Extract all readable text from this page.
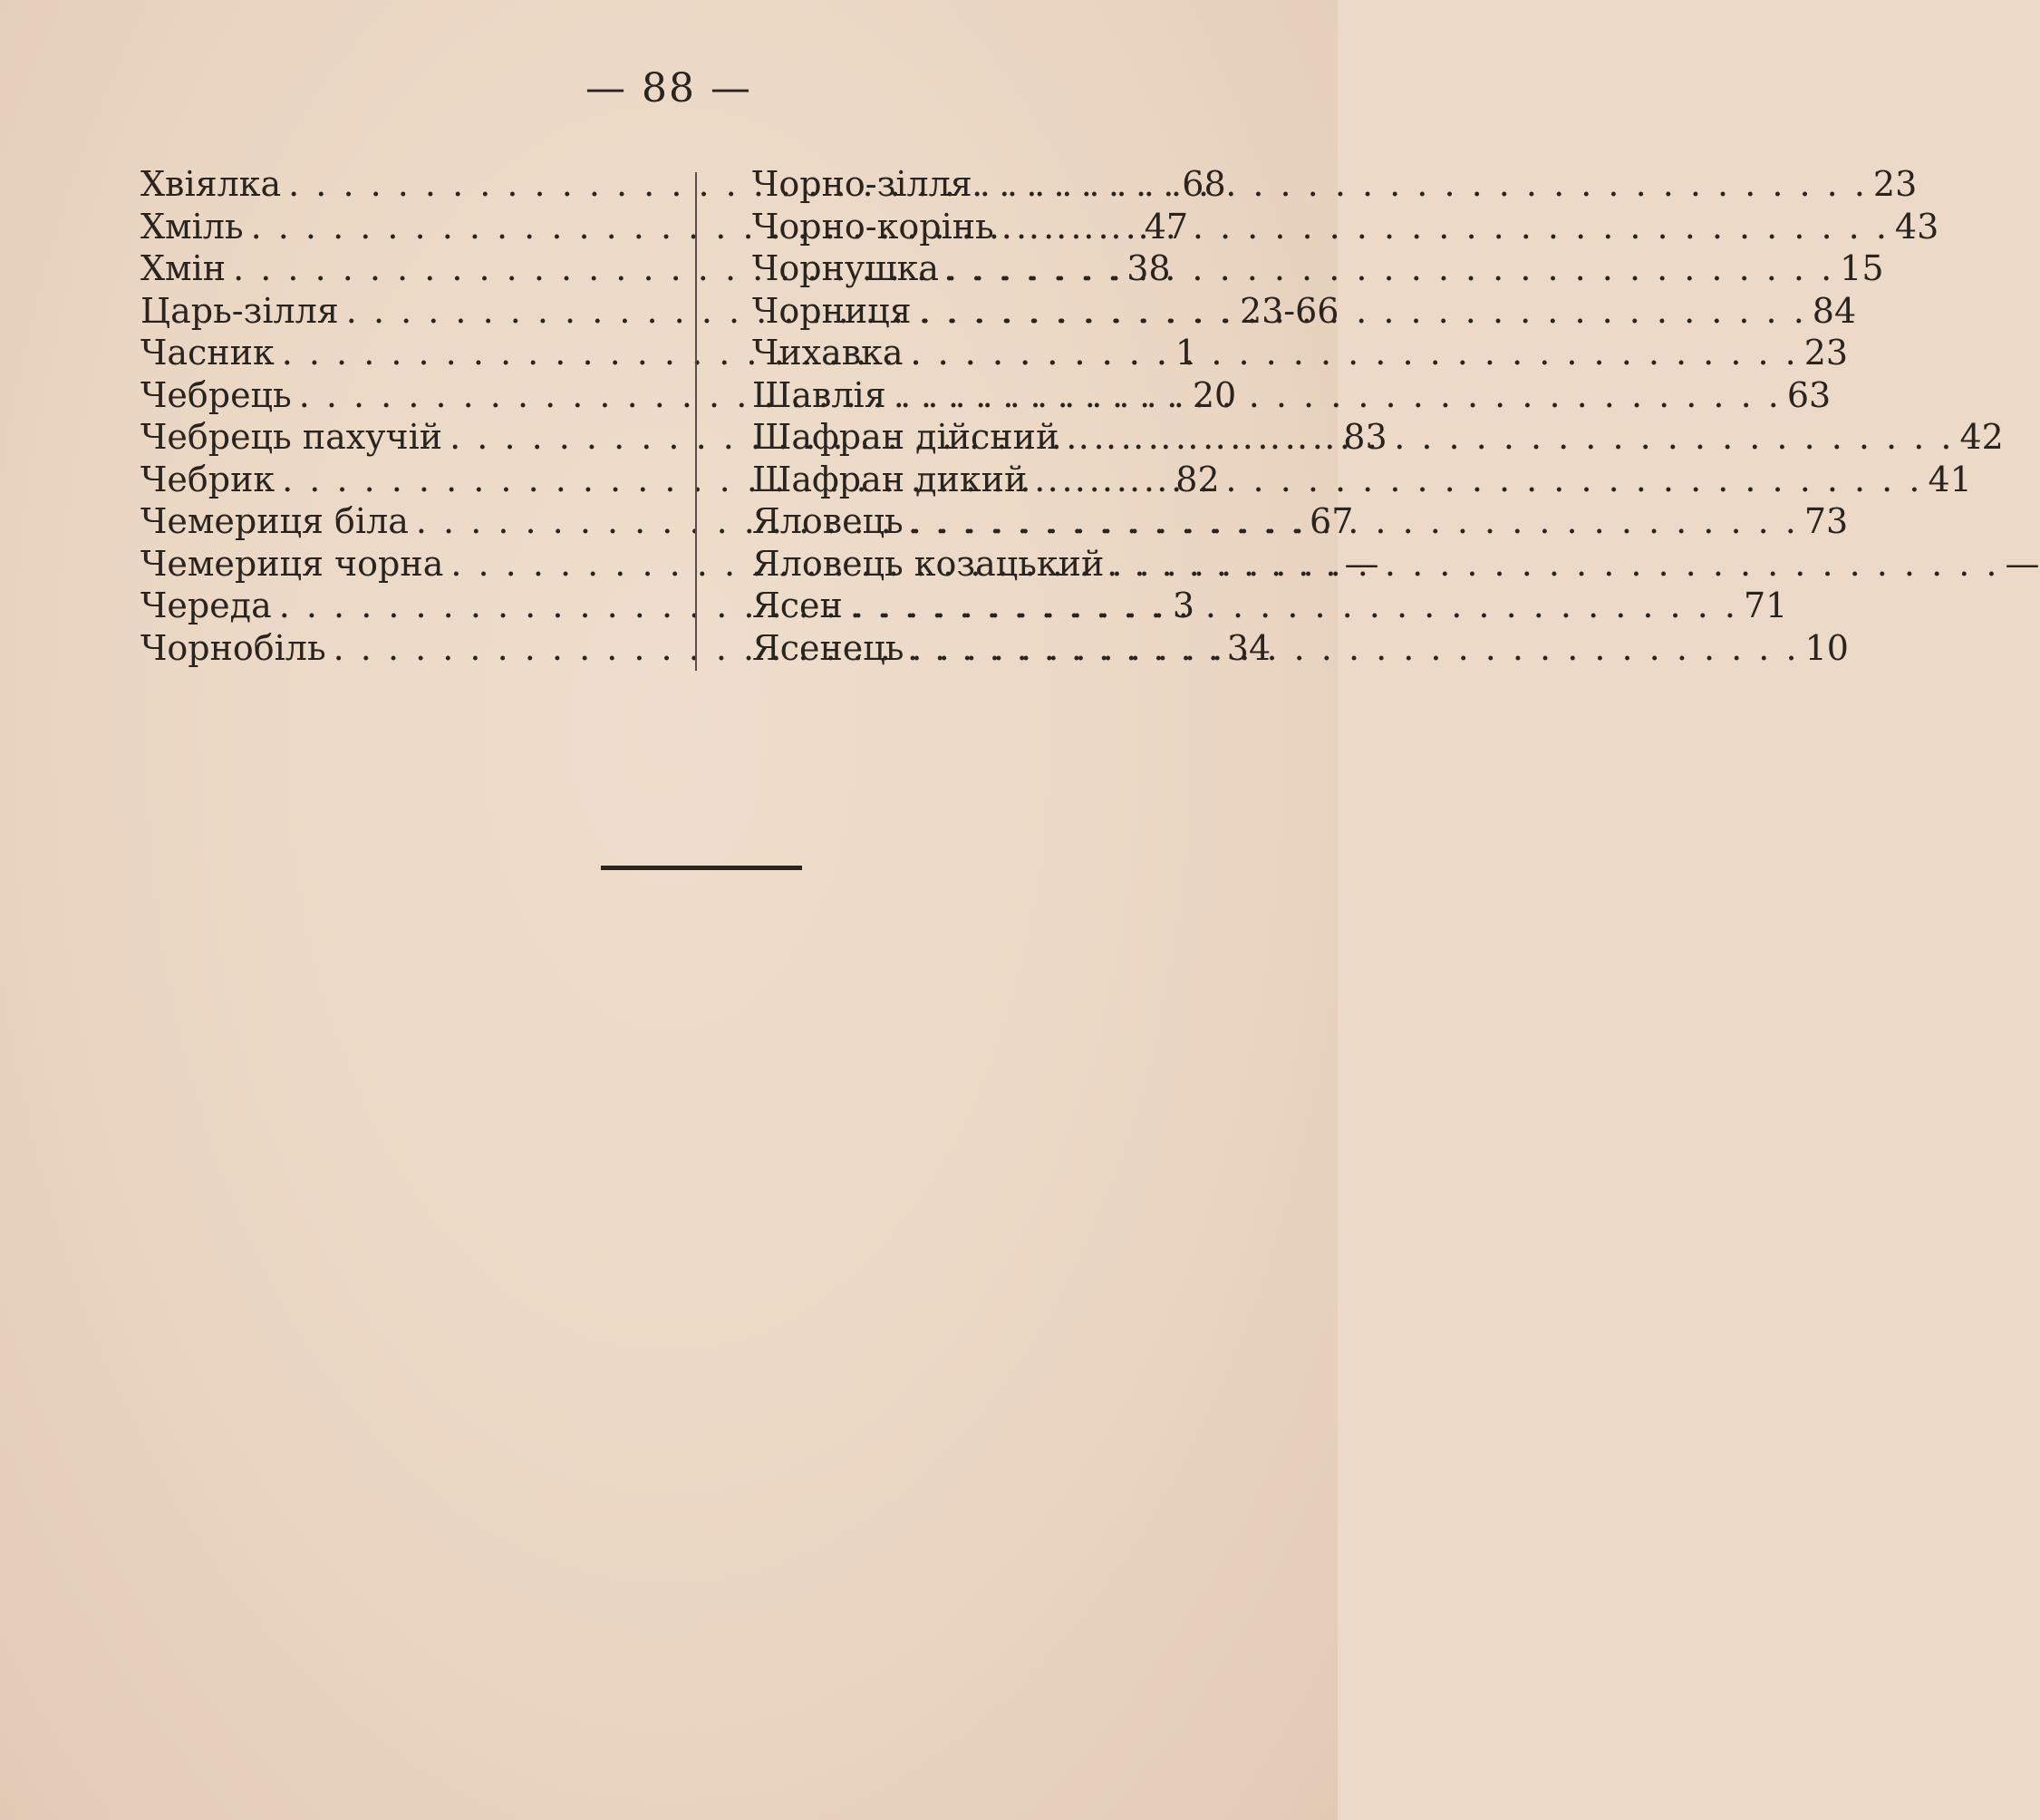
— 88 —
Хвіялка . . .	68
Хміль . . .	47
Хмін . . .	38
Царь-зілля . . .	23-66
Часник . . .	1
Чебрець . . .	20
Чебрець пахучій . . .	83
Чебрик . . .	82
Чемериця біла . . .	67
Чемериця чорна . . .	—
Череда . . .	3
Чорнобіль . . .	34
Чорно-зілля . . .	23
Чорно-корінь . . .	43
Чорнушка . . .	15
Чорниця . . .	84
Чихавка . . .	23
Шавлія . . .	63
Шафран дійсний . . .	42
Шафран дикий . . .	41
Яловець . . .	73
Яловець козацький . . .	—
Ясен . . .	71
Ясенець . . .	10
